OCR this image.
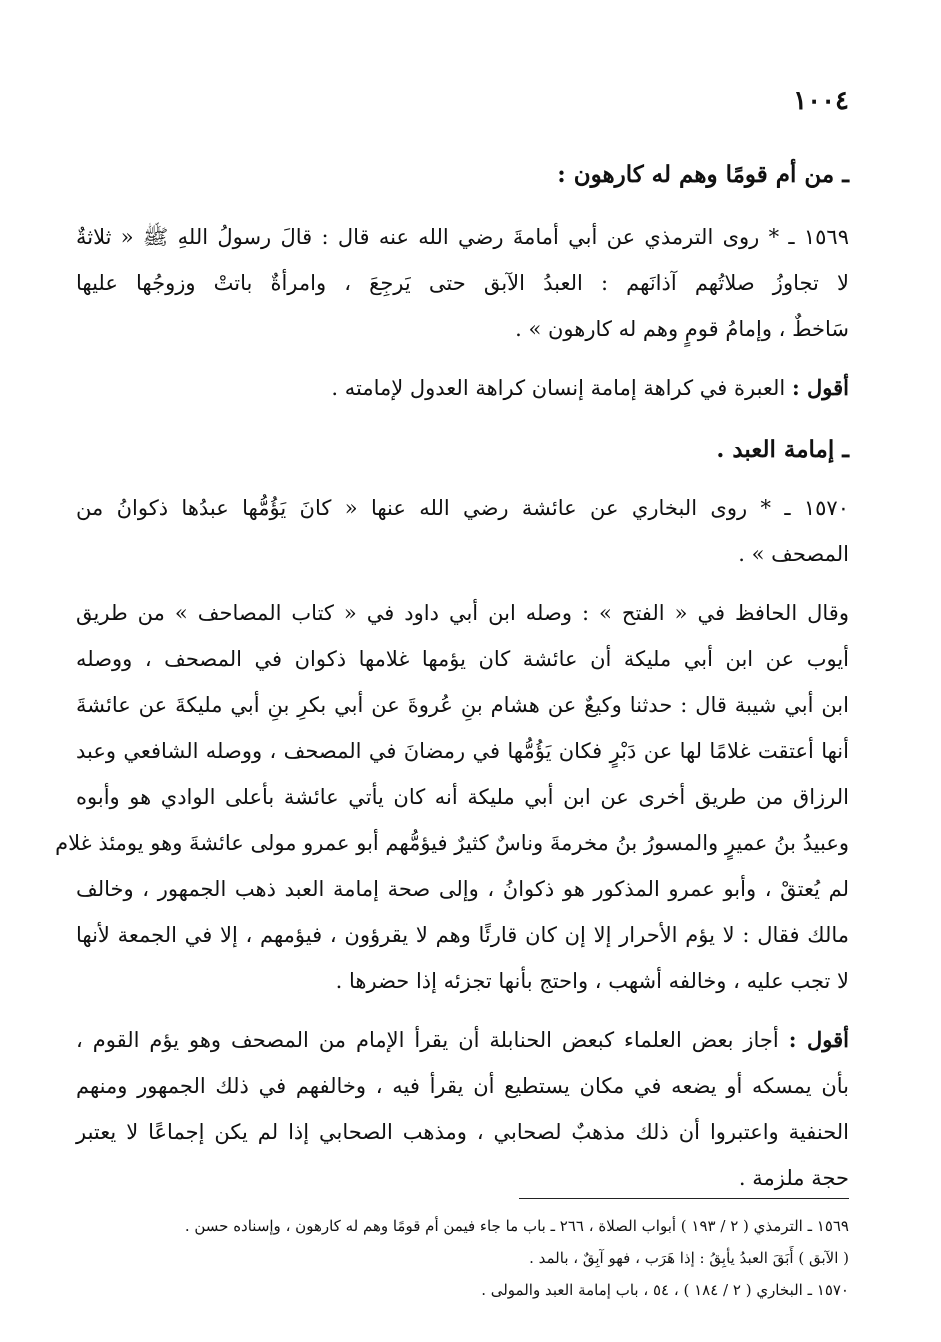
١٠٠٤
ـ من أم قومًا وهم له كارهون :
١٥٦٩ ـ * روى الترمذي عن أبي أمامةَ رضي الله عنه قال : قالَ رسولُ اللهِ ﷺ « ثلاثةٌ
لا تجاوزُ صلاتُهم آذانَهم : العبدُ الآبق حتى يَرجِعَ ، وامرأةٌ باتتْ وزوجُها عليها
سَاخطٌ ، وإمامُ قومٍ وهم له كارهون » .
أقول : العبرة في كراهة إمامة إنسان كراهة العدول لإمامته .
ـ إمامة العبد .
١٥٧٠ ـ * روى البخاري عن عائشة رضي الله عنها « كانَ يَؤُمُّها عبدُها ذكوانُ من
المصحف » .
وقال الحافظ في « الفتح » : وصله ابن أبي داود في « كتاب المصاحف » من طريق
أيوب عن ابن أبي مليكة أن عائشة كان يؤمها غلامها ذكوان في المصحف ، ووصله
ابن أبي شيبة قال : حدثنا وكيعٌ عن هشام بنِ عُروةَ عن أبي بكرِ بنِ أبي مليكةَ عن عائشةَ
أنها أعتقت غلامًا لها عن دَبْرٍ فكان يَؤُمُّها في رمضانَ في المصحف ، ووصله الشافعي وعبد
الرزاق من طريق أخرى عن ابن أبي مليكة أنه كان يأتي عائشة بأعلى الوادي هو وأبوه
وعبيدُ بنُ عميرٍ والمسورُ بنُ مخرمةَ وناسٌ كثيرٌ فيؤمُّهم أبو عمرو مولى عائشةَ وهو يومئذ غلام
لم يُعتقْ ، وأبو عمرو المذكور هو ذكوانُ ، وإلى صحة إمامة العبد ذهب الجمهور ، وخالف
مالك فقال : لا يؤم الأحرار إلا إن كان قارئًا وهم لا يقرؤون ، فيؤمهم ، إلا في الجمعة لأنها
لا تجب عليه ، وخالفه أشهب ، واحتج بأنها تجزئه إذا حضرها .
أقول : أجاز بعض العلماء كبعض الحنابلة أن يقرأ الإمام من المصحف وهو يؤم القوم ،
بأن يمسكه أو يضعه في مكان يستطيع أن يقرأ فيه ، وخالفهم في ذلك الجمهور ومنهم
الحنفية واعتبروا أن ذلك مذهبٌ لصحابي ، ومذهب الصحابي إذا لم يكن إجماعًا لا يعتبر
حجة ملزمة .
١٥٦٩ ـ الترمذي ( ٢ / ١٩٣ ) أبواب الصلاة ، ٢٦٦ ـ باب ما جاء فيمن أم قومًا وهم له كارهون ، وإسناده حسن .
( الآبق ) أَبَقَ العبدُ يأبِقُ : إذا هَرَب ، فهو آبِقٌ ، بالمد .
١٥٧٠ ـ البخاري ( ٢ / ١٨٤ ) ، ٥٤ ، باب إمامة العبد والمولى .
